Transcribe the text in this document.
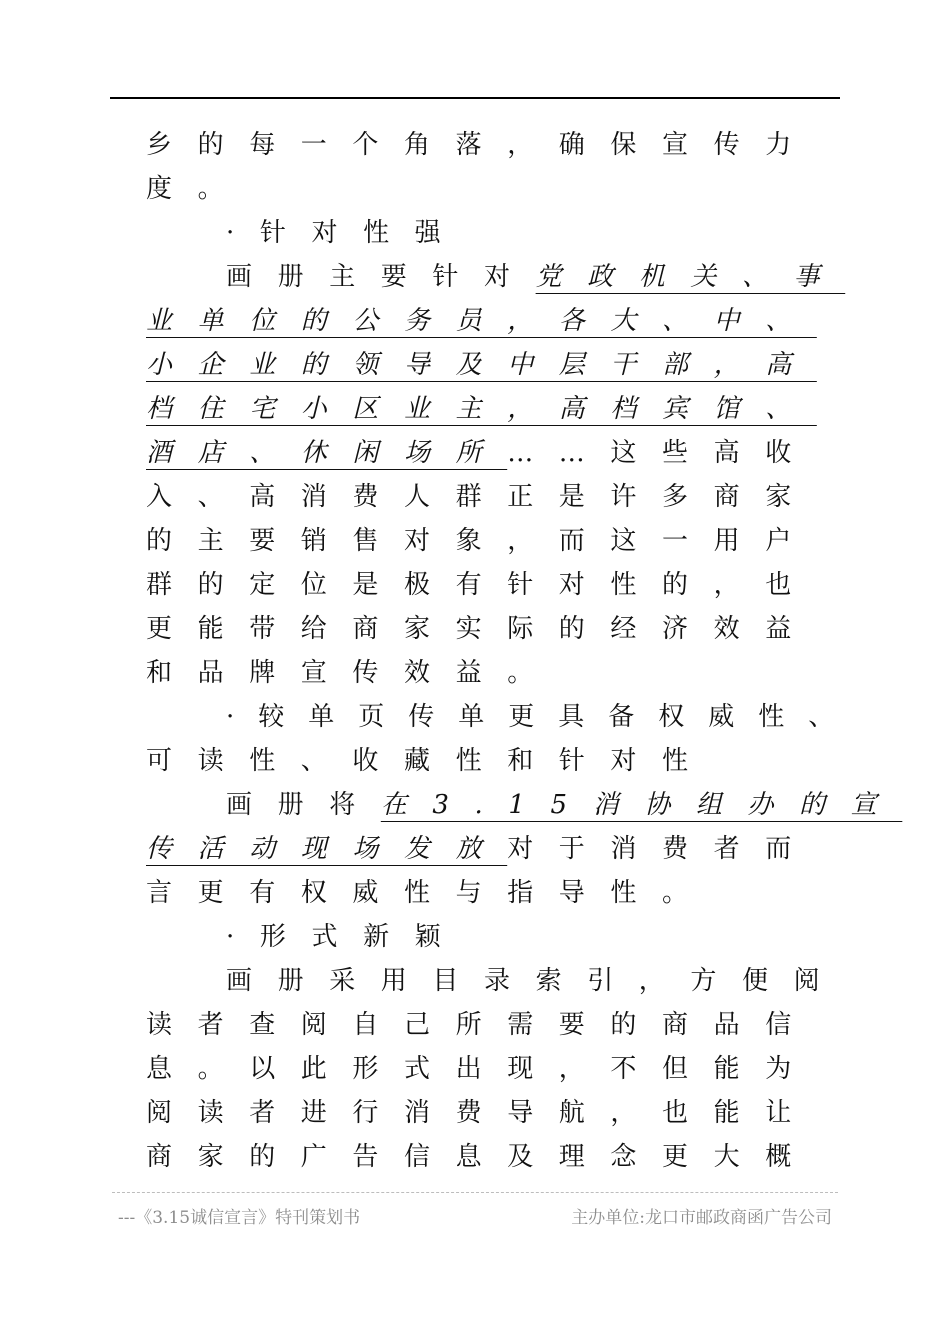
乡的每一个角落，确保宣传力
度。
·针对性强
画册主要针对党政机关、事
业单位的公务员，各大、中、
小企业的领导及中层干部，高
档住宅小区业主，高档宾馆、
酒店、休闲场所……这些高收
入、高消费人群正是许多商家
的主要销售对象，而这一用户
群的定位是极有针对性的，也
更能带给商家实际的经济效益
和品牌宣传效益。
·较单页传单更具备权威性、
可读性、收藏性和针对性
画册将在3.15消协组办的宣
传活动现场发放对于消费者而
言更有权威性与指导性。
·形式新颖
画册采用目录索引，方便阅
读者查阅自己所需要的商品信
息。以此形式出现，不但能为
阅读者进行消费导航，也能让
商家的广告信息及理念更大概
---《3.15诚信宣言》特刊策划书	主办单位:龙口市邮政商函广告公司
